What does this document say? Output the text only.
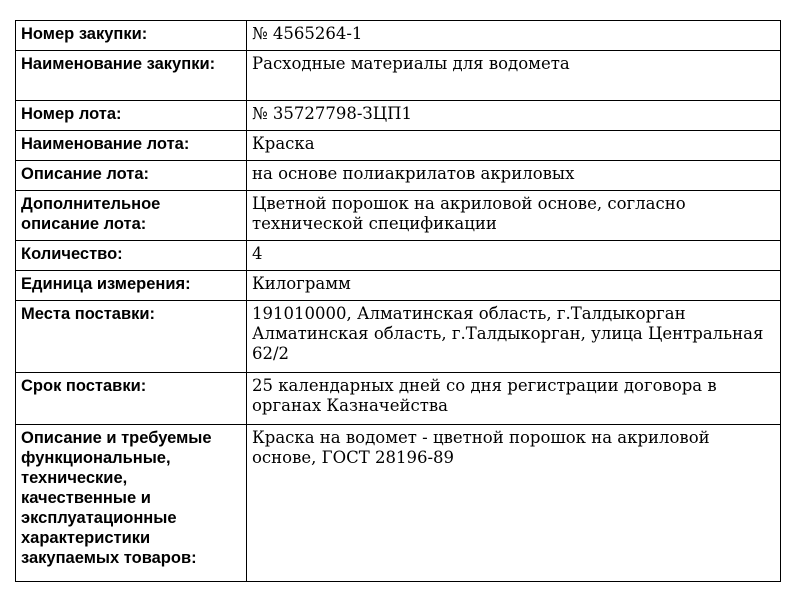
Номер закупки:	№ 4565264-1
Наименование закупки:	Расходные материалы для водомета
Номер лота:	№ 35727798-ЗЦП1
Наименование лота:	Краска
Описание лота:	на основе полиакрилатов акриловых
Дополнительное описание лота:	Цветной порошок на акриловой основе, согласно технической спецификации
Количество:	4
Единица измерения:	Килограмм
Места поставки:	191010000, Алматинская область, г.Талдыкорган
Алматинская область, г.Талдыкорган, улица Центральная 62/2
Срок поставки:	25 календарных дней со дня регистрации договора в органах Казначейства
Описание и требуемые функциональные, технические, качественные и эксплуатационные характеристики закупаемых товаров:	Краска на водомет - цветной порошок на акриловой основе, ГОСТ 28196-89
